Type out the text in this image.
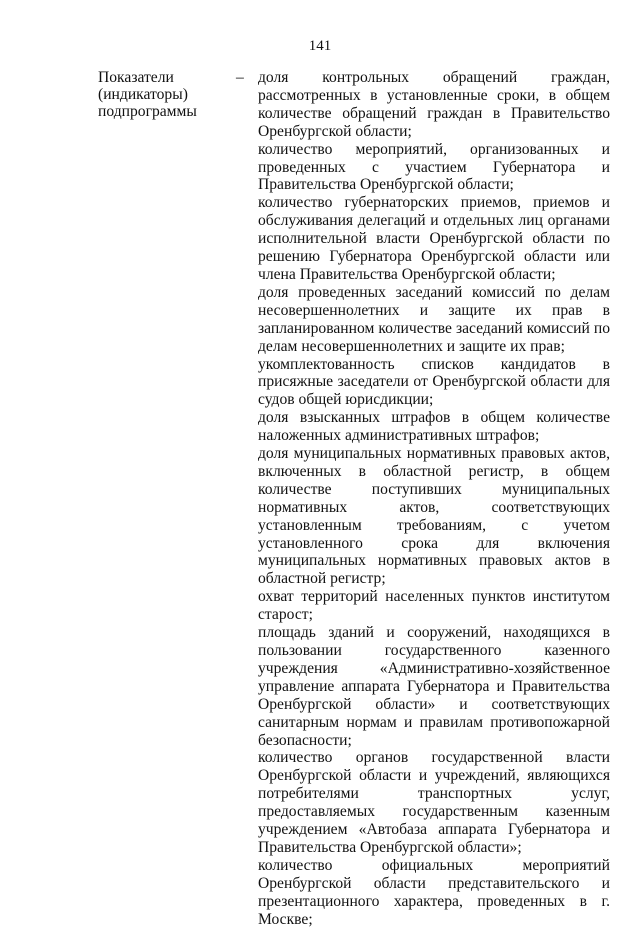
141
Показатели
(индикаторы)
подпрограммы
– доля контрольных обращений граждан, рассмотренных в установленные сроки, в общем количестве обращений граждан в Правительство Оренбургской области;
количество мероприятий, организованных и проведенных с участием Губернатора и Правительства Оренбургской области;
количество губернаторских приемов, приемов и обслуживания делегаций и отдельных лиц органами исполнительной власти Оренбургской области по решению Губернатора Оренбургской области или члена Правительства Оренбургской области;
доля проведенных заседаний комиссий по делам несовершеннолетних и защите их прав в запланированном количестве заседаний комиссий по делам несовершеннолетних и защите их прав;
укомплектованность списков кандидатов в присяжные заседатели от Оренбургской области для судов общей юрисдикции;
доля взысканных штрафов в общем количестве наложенных административных штрафов;
доля муниципальных нормативных правовых актов, включенных в областной регистр, в общем количестве поступивших муниципальных нормативных актов, соответствующих установленным требованиям, с учетом установленного срока для включения муниципальных нормативных правовых актов в областной регистр;
охват территорий населенных пунктов институтом старост;
площадь зданий и сооружений, находящихся в пользовании государственного казенного учреждения «Административно-хозяйственное управление аппарата Губернатора и Правительства Оренбургской области» и соответствующих санитарным нормам и правилам противопожарной безопасности;
количество органов государственной власти Оренбургской области и учреждений, являющихся потребителями транспортных услуг, предоставляемых государственным казенным учреждением «Автобаза аппарата Губернатора и Правительства Оренбургской области»;
количество официальных мероприятий Оренбургской области представительского и презентационного характера, проведенных в г. Москве;
